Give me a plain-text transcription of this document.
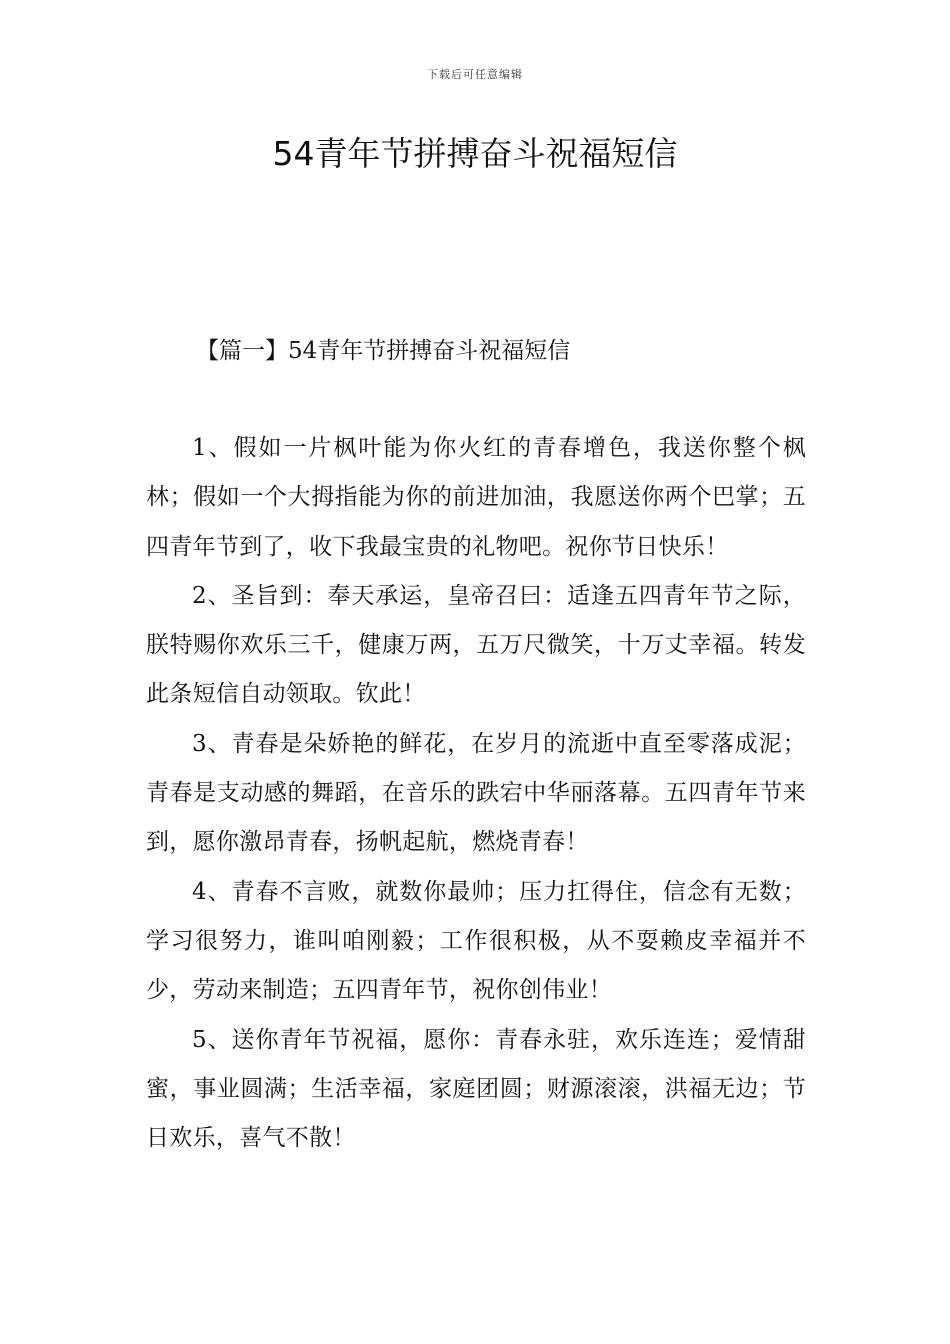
下载后可任意编辑
54青年节拼搏奋斗祝福短信
【篇一】54青年节拼搏奋斗祝福短信

1、假如一片枫叶能为你火红的青春增色，我送你整个枫林；假如一个大拇指能为你的前进加油，我愿送你两个巴掌；五四青年节到了，收下我最宝贵的礼物吧。祝你节日快乐！

2、圣旨到：奉天承运，皇帝召曰：适逢五四青年节之际，朕特赐你欢乐三千，健康万两，五万尺微笑，十万丈幸福。转发此条短信自动领取。钦此！

3、青春是朵娇艳的鲜花，在岁月的流逝中直至零落成泥；青春是支动感的舞蹈，在音乐的跌宕中华丽落幕。五四青年节来到，愿你激昂青春，扬帆起航，燃烧青春！

4、青春不言败，就数你最帅；压力扛得住，信念有无数；学习很努力，谁叫咱刚毅；工作很积极，从不耍赖皮幸福并不少，劳动来制造；五四青年节，祝你创伟业！

5、送你青年节祝福，愿你：青春永驻，欢乐连连；爱情甜蜜，事业圆满；生活幸福，家庭团圆；财源滚滚，洪福无边；节日欢乐，喜气不散！
